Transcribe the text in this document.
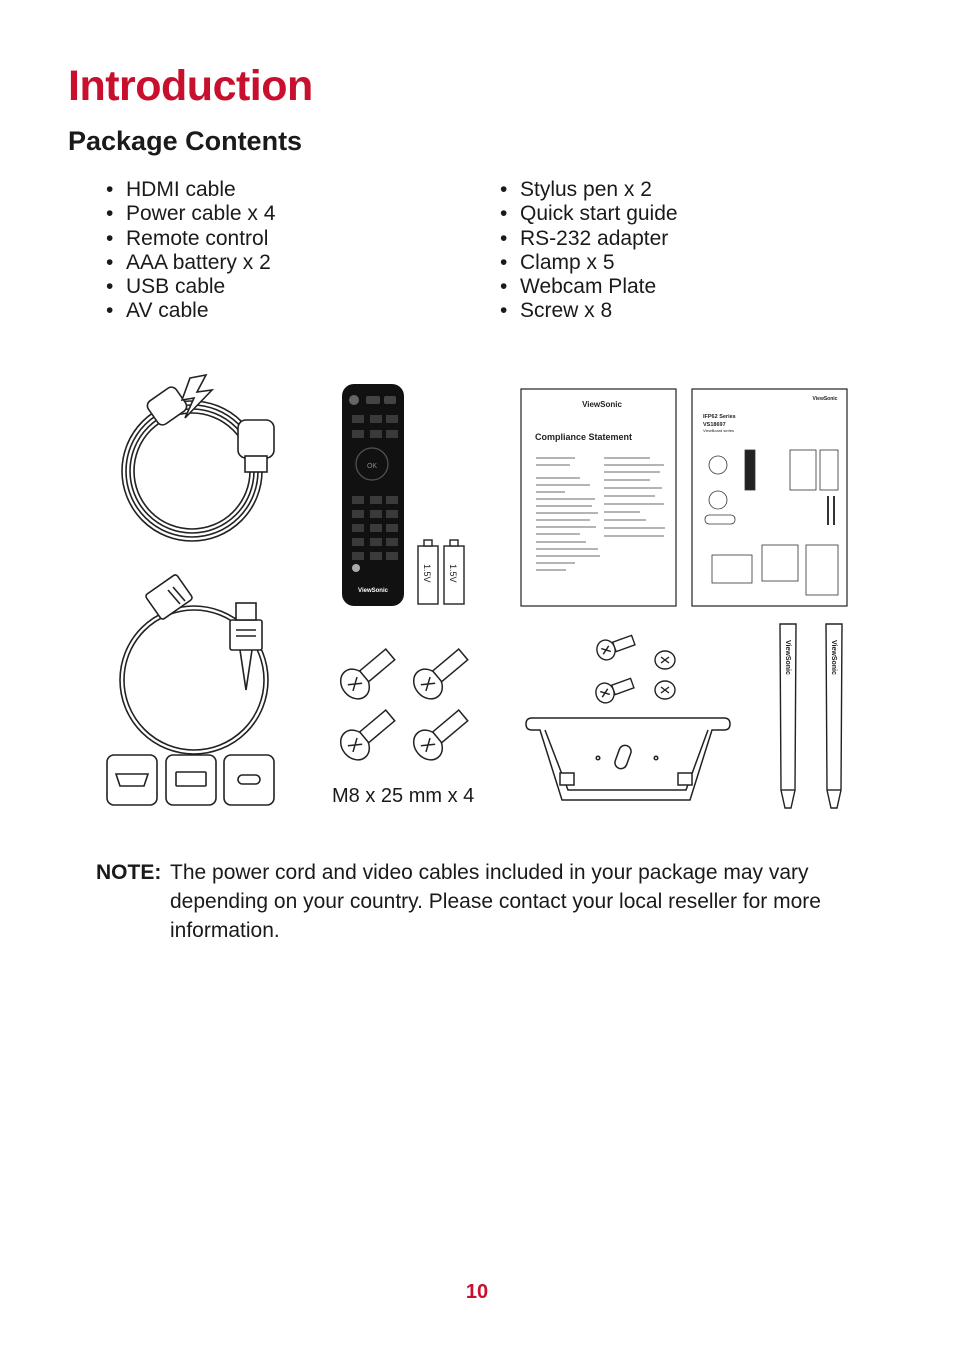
Introduction
Package Contents
• HDMI cable
• Power cable x 4
• Remote control
• AAA battery x 2
• USB cable
• AV cable
• Stylus pen x 2
• Quick start guide
• RS-232 adapter
• Clamp x 5
• Webcam Plate
• Screw x 8
OK
ViewSonic
1.5V 1.5V
ViewSonic
Compliance Statement
ViewSonic
IFP62 Series
VS18697
ViewBoard series
M8 x 25 mm x 4
ViewSonic	ViewSonic
NOTE: The power cord and video cables included in your package may vary
depending on your country. Please contact your local reseller for more
information.
10
